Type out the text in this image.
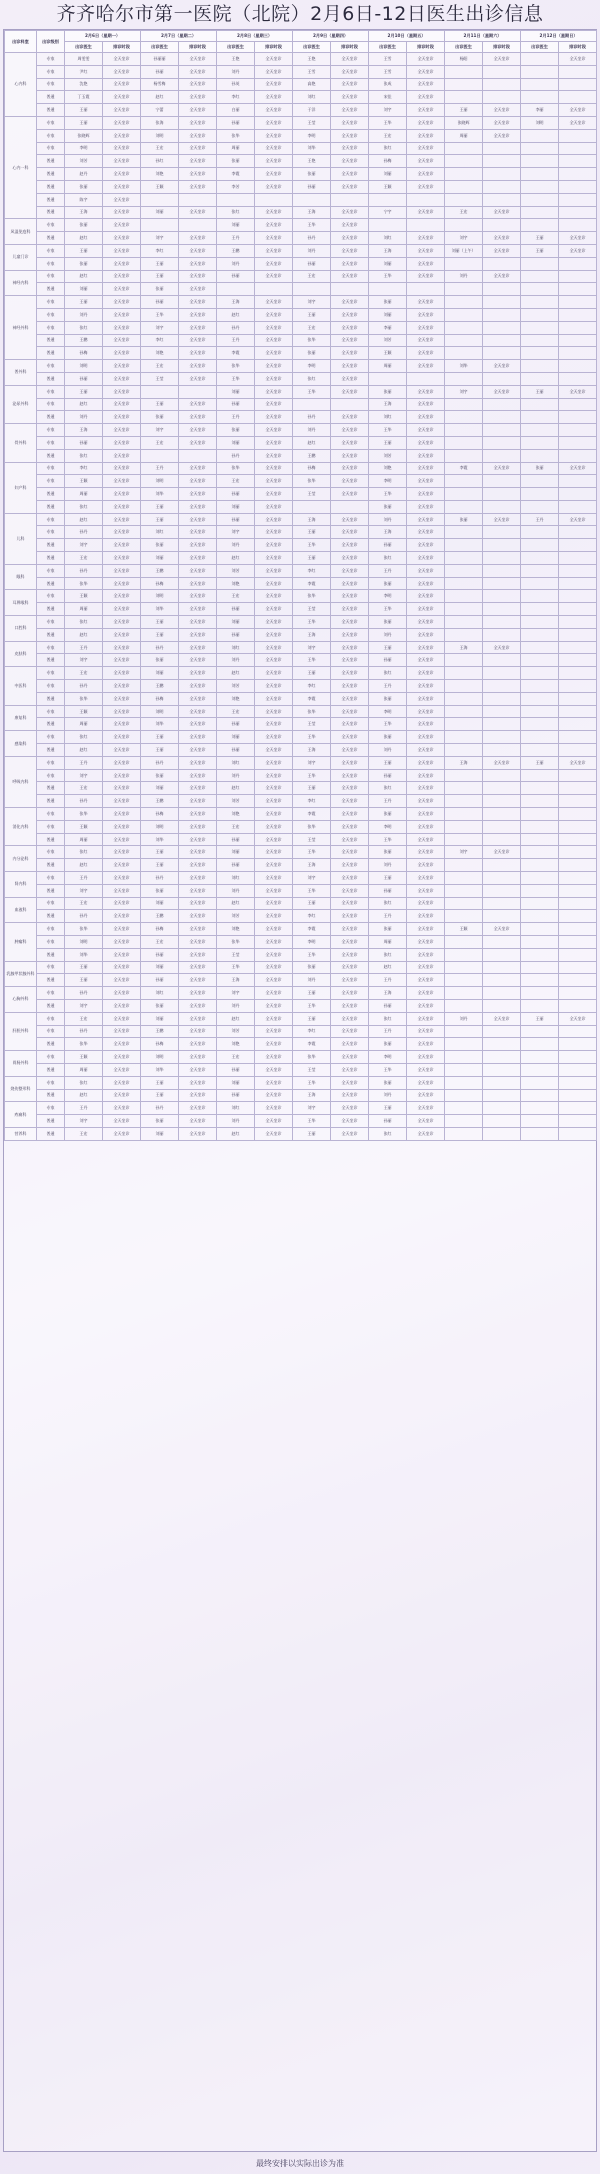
齐齐哈尔市第一医院（北院）2月6日-12日医生出诊信息
出诊科室	出诊级别	2月6日（星期一）		2月7日（星期二）		2月8日（星期三）		2月9日（星期四）		2月10日（星期五）		2月11日（星期六）		2月12日（星期日）	
		出诊医生	排诊时段	出诊医生	排诊时段	出诊医生	排诊时段	出诊医生	排诊时段	出诊医生	排诊时段	出诊医生	排诊时段	出诊医生	排诊时段
心内科	专家	周雯雯	全天坐诊	孙丽丽	全天坐诊	王艳	全天坐诊	王艳	全天坐诊	王雪	全天坐诊	杨阳	全天坐诊		全天坐诊
	专家	尹红	全天坐诊	孙丽	全天坐诊	刘丹	全天坐诊	王雪	全天坐诊	王雪	全天坐诊				
	专家	沈艳	全天坐诊	杨雪梅	全天坐诊	孙英	全天坐诊	高艳	全天坐诊	张成	全天坐诊				
	普通	丁玉霞	全天坐诊	赵红	全天坐诊	李红	全天坐诊	刘红	全天坐诊	宋佳	全天坐诊				
	普通	王丽	全天坐诊	宁蕾	全天坐诊	白丽	全天坐诊	于洋	全天坐诊	刘宇	全天坐诊	王丽	全天坐诊	李丽	全天坐诊
心内一科	专家	王丽	全天坐诊	张海	全天坐诊	孙丽	全天坐诊	王莹	全天坐诊	王华	全天坐诊	张晓辉	全天坐诊	刘明	全天坐诊
	专家	张晓辉	全天坐诊	刘明	全天坐诊	张华	全天坐诊	李明	全天坐诊	王宏	全天坐诊	周丽	全天坐诊		
	专家	李明	全天坐诊	王宏	全天坐诊	周丽	全天坐诊	刘华	全天坐诊	张红	全天坐诊				
	普通	刘芳	全天坐诊	孙红	全天坐诊	张丽	全天坐诊	王艳	全天坐诊	孙梅	全天坐诊				
	普通	赵丹	全天坐诊	刘艳	全天坐诊	李霞	全天坐诊	张丽	全天坐诊	刘丽	全天坐诊				
	普通	张丽	全天坐诊	王颖	全天坐诊	李芳	全天坐诊	孙丽	全天坐诊	王颖	全天坐诊				
	普通	陈宇	全天坐诊												
	普通	王海	全天坐诊	刘丽	全天坐诊	张红	全天坐诊	王海	全天坐诊	宁宇	全天坐诊	王宏	全天坐诊		
风湿免疫科	专家	张丽	全天坐诊			刘丽	全天坐诊	王华	全天坐诊						
	普通	赵红	全天坐诊	刘宇	全天坐诊	王丹	全天坐诊	孙丹	全天坐诊	刘红	全天坐诊	刘宇	全天坐诊	王丽	全天坐诊
儿童门诊	专家	王丽	全天坐诊	李红	全天坐诊	王鹏	全天坐诊	刘丹	全天坐诊	王海	全天坐诊	刘丽（上午）	全天坐诊	王丽	全天坐诊
	专家	张丽	全天坐诊	王丽	全天坐诊	刘丹	全天坐诊	孙丽	全天坐诊	刘丽	全天坐诊				
神经内科	专家	赵红	全天坐诊	王丽	全天坐诊	孙丽	全天坐诊	王宏	全天坐诊	王华	全天坐诊	刘丹	全天坐诊		
	普通	刘丽	全天坐诊	张丽	全天坐诊										
神经外科	专家	王丽	全天坐诊	孙丽	全天坐诊	王海	全天坐诊	刘宇	全天坐诊	张丽	全天坐诊				
	专家	刘丹	全天坐诊	王华	全天坐诊	赵红	全天坐诊	王丽	全天坐诊	刘丽	全天坐诊				
	专家	张红	全天坐诊	刘宇	全天坐诊	孙丹	全天坐诊	王宏	全天坐诊	李丽	全天坐诊				
	普通	王鹏	全天坐诊	李红	全天坐诊	王丹	全天坐诊	张华	全天坐诊	刘芳	全天坐诊				
	普通	孙梅	全天坐诊	刘艳	全天坐诊	李霞	全天坐诊	张丽	全天坐诊	王颖	全天坐诊				
普外科	专家	刘明	全天坐诊	王宏	全天坐诊	张华	全天坐诊	李明	全天坐诊	周丽	全天坐诊	刘华	全天坐诊		
	普通	孙丽	全天坐诊	王莹	全天坐诊	王华	全天坐诊	张红	全天坐诊						
泌尿外科	专家	王丽	全天坐诊			刘丽	全天坐诊	王华	全天坐诊	张丽	全天坐诊	刘宇	全天坐诊	王丽	全天坐诊
	专家	赵红	全天坐诊	王丽	全天坐诊	孙丽	全天坐诊			王海	全天坐诊				
	普通	刘丹	全天坐诊	张丽	全天坐诊	王丹	全天坐诊	孙丹	全天坐诊	刘红	全天坐诊				
骨外科	专家	王海	全天坐诊	刘宇	全天坐诊	张丽	全天坐诊	刘丹	全天坐诊	王华	全天坐诊				
	专家	孙丽	全天坐诊	王宏	全天坐诊	刘丽	全天坐诊	赵红	全天坐诊	王丽	全天坐诊				
	普通	张红	全天坐诊			孙丹	全天坐诊	王鹏	全天坐诊	刘芳	全天坐诊				
妇产科	专家	李红	全天坐诊	王丹	全天坐诊	张华	全天坐诊	孙梅	全天坐诊	刘艳	全天坐诊	李霞	全天坐诊	张丽	全天坐诊
	专家	王颖	全天坐诊	刘明	全天坐诊	王宏	全天坐诊	张华	全天坐诊	李明	全天坐诊				
	普通	周丽	全天坐诊	刘华	全天坐诊	孙丽	全天坐诊	王莹	全天坐诊	王华	全天坐诊				
	普通	张红	全天坐诊	王丽	全天坐诊	刘丽	全天坐诊			张丽	全天坐诊				
儿科	专家	赵红	全天坐诊	王丽	全天坐诊	孙丽	全天坐诊	王海	全天坐诊	刘丹	全天坐诊	张丽	全天坐诊	王丹	全天坐诊
	专家	孙丹	全天坐诊	刘红	全天坐诊	刘宇	全天坐诊	王丽	全天坐诊	王海	全天坐诊				
	普通	刘宇	全天坐诊	张丽	全天坐诊	刘丹	全天坐诊	王华	全天坐诊	孙丽	全天坐诊				
	普通	王宏	全天坐诊	刘丽	全天坐诊	赵红	全天坐诊	王丽	全天坐诊	张红	全天坐诊				
眼科	专家	孙丹	全天坐诊	王鹏	全天坐诊	刘芳	全天坐诊	李红	全天坐诊	王丹	全天坐诊				
	普通	张华	全天坐诊	孙梅	全天坐诊	刘艳	全天坐诊	李霞	全天坐诊	张丽	全天坐诊				
耳鼻喉科	专家	王颖	全天坐诊	刘明	全天坐诊	王宏	全天坐诊	张华	全天坐诊	李明	全天坐诊				
	普通	周丽	全天坐诊	刘华	全天坐诊	孙丽	全天坐诊	王莹	全天坐诊	王华	全天坐诊				
口腔科	专家	张红	全天坐诊	王丽	全天坐诊	刘丽	全天坐诊	王华	全天坐诊	张丽	全天坐诊				
	普通	赵红	全天坐诊	王丽	全天坐诊	孙丽	全天坐诊	王海	全天坐诊	刘丹	全天坐诊				
皮肤科	专家	王丹	全天坐诊	孙丹	全天坐诊	刘红	全天坐诊	刘宇	全天坐诊	王丽	全天坐诊	王海	全天坐诊		
	普通	刘宇	全天坐诊	张丽	全天坐诊	刘丹	全天坐诊	王华	全天坐诊	孙丽	全天坐诊				
中医科	专家	王宏	全天坐诊	刘丽	全天坐诊	赵红	全天坐诊	王丽	全天坐诊	张红	全天坐诊				
	专家	孙丹	全天坐诊	王鹏	全天坐诊	刘芳	全天坐诊	李红	全天坐诊	王丹	全天坐诊				
	普通	张华	全天坐诊	孙梅	全天坐诊	刘艳	全天坐诊	李霞	全天坐诊	张丽	全天坐诊				
康复科	专家	王颖	全天坐诊	刘明	全天坐诊	王宏	全天坐诊	张华	全天坐诊	李明	全天坐诊				
	普通	周丽	全天坐诊	刘华	全天坐诊	孙丽	全天坐诊	王莹	全天坐诊	王华	全天坐诊				
感染科	专家	张红	全天坐诊	王丽	全天坐诊	刘丽	全天坐诊	王华	全天坐诊	张丽	全天坐诊				
	普通	赵红	全天坐诊	王丽	全天坐诊	孙丽	全天坐诊	王海	全天坐诊	刘丹	全天坐诊				
呼吸内科	专家	王丹	全天坐诊	孙丹	全天坐诊	刘红	全天坐诊	刘宇	全天坐诊	王丽	全天坐诊	王海	全天坐诊	王丽	全天坐诊
	专家	刘宇	全天坐诊	张丽	全天坐诊	刘丹	全天坐诊	王华	全天坐诊	孙丽	全天坐诊				
	普通	王宏	全天坐诊	刘丽	全天坐诊	赵红	全天坐诊	王丽	全天坐诊	张红	全天坐诊				
	普通	孙丹	全天坐诊	王鹏	全天坐诊	刘芳	全天坐诊	李红	全天坐诊	王丹	全天坐诊				
消化内科	专家	张华	全天坐诊	孙梅	全天坐诊	刘艳	全天坐诊	李霞	全天坐诊	张丽	全天坐诊				
	专家	王颖	全天坐诊	刘明	全天坐诊	王宏	全天坐诊	张华	全天坐诊	李明	全天坐诊				
	普通	周丽	全天坐诊	刘华	全天坐诊	孙丽	全天坐诊	王莹	全天坐诊	王华	全天坐诊				
内分泌科	专家	张红	全天坐诊	王丽	全天坐诊	刘丽	全天坐诊	王华	全天坐诊	张丽	全天坐诊	刘宇	全天坐诊		
	普通	赵红	全天坐诊	王丽	全天坐诊	孙丽	全天坐诊	王海	全天坐诊	刘丹	全天坐诊				
肾内科	专家	王丹	全天坐诊	孙丹	全天坐诊	刘红	全天坐诊	刘宇	全天坐诊	王丽	全天坐诊				
	普通	刘宇	全天坐诊	张丽	全天坐诊	刘丹	全天坐诊	王华	全天坐诊	孙丽	全天坐诊				
血液科	专家	王宏	全天坐诊	刘丽	全天坐诊	赵红	全天坐诊	王丽	全天坐诊	张红	全天坐诊				
	普通	孙丹	全天坐诊	王鹏	全天坐诊	刘芳	全天坐诊	李红	全天坐诊	王丹	全天坐诊				
肿瘤科	专家	张华	全天坐诊	孙梅	全天坐诊	刘艳	全天坐诊	李霞	全天坐诊	张丽	全天坐诊	王颖	全天坐诊		
	专家	刘明	全天坐诊	王宏	全天坐诊	张华	全天坐诊	李明	全天坐诊	周丽	全天坐诊				
	普通	刘华	全天坐诊	孙丽	全天坐诊	王莹	全天坐诊	王华	全天坐诊	张红	全天坐诊				
乳腺甲状腺外科	专家	王丽	全天坐诊	刘丽	全天坐诊	王华	全天坐诊	张丽	全天坐诊	赵红	全天坐诊				
	普通	王丽	全天坐诊	孙丽	全天坐诊	王海	全天坐诊	刘丹	全天坐诊	王丹	全天坐诊				
心胸外科	专家	孙丹	全天坐诊	刘红	全天坐诊	刘宇	全天坐诊	王丽	全天坐诊	王海	全天坐诊				
	普通	刘宇	全天坐诊	张丽	全天坐诊	刘丹	全天坐诊	王华	全天坐诊	孙丽	全天坐诊				
肝胆外科	专家	王宏	全天坐诊	刘丽	全天坐诊	赵红	全天坐诊	王丽	全天坐诊	张红	全天坐诊	刘丹	全天坐诊	王丽	全天坐诊
	专家	孙丹	全天坐诊	王鹏	全天坐诊	刘芳	全天坐诊	李红	全天坐诊	王丹	全天坐诊				
	普通	张华	全天坐诊	孙梅	全天坐诊	刘艳	全天坐诊	李霞	全天坐诊	张丽	全天坐诊				
胃肠外科	专家	王颖	全天坐诊	刘明	全天坐诊	王宏	全天坐诊	张华	全天坐诊	李明	全天坐诊				
	普通	周丽	全天坐诊	刘华	全天坐诊	孙丽	全天坐诊	王莹	全天坐诊	王华	全天坐诊				
烧伤整形科	专家	张红	全天坐诊	王丽	全天坐诊	刘丽	全天坐诊	王华	全天坐诊	张丽	全天坐诊				
	普通	赵红	全天坐诊	王丽	全天坐诊	孙丽	全天坐诊	王海	全天坐诊	刘丹	全天坐诊				
疼痛科	专家	王丹	全天坐诊	孙丹	全天坐诊	刘红	全天坐诊	刘宇	全天坐诊	王丽	全天坐诊				
	普通	刘宇	全天坐诊	张丽	全天坐诊	刘丹	全天坐诊	王华	全天坐诊	孙丽	全天坐诊				
营养科	普通	王宏	全天坐诊	刘丽	全天坐诊	赵红	全天坐诊	王丽	全天坐诊	张红	全天坐诊				
最终安排以实际出诊为准
